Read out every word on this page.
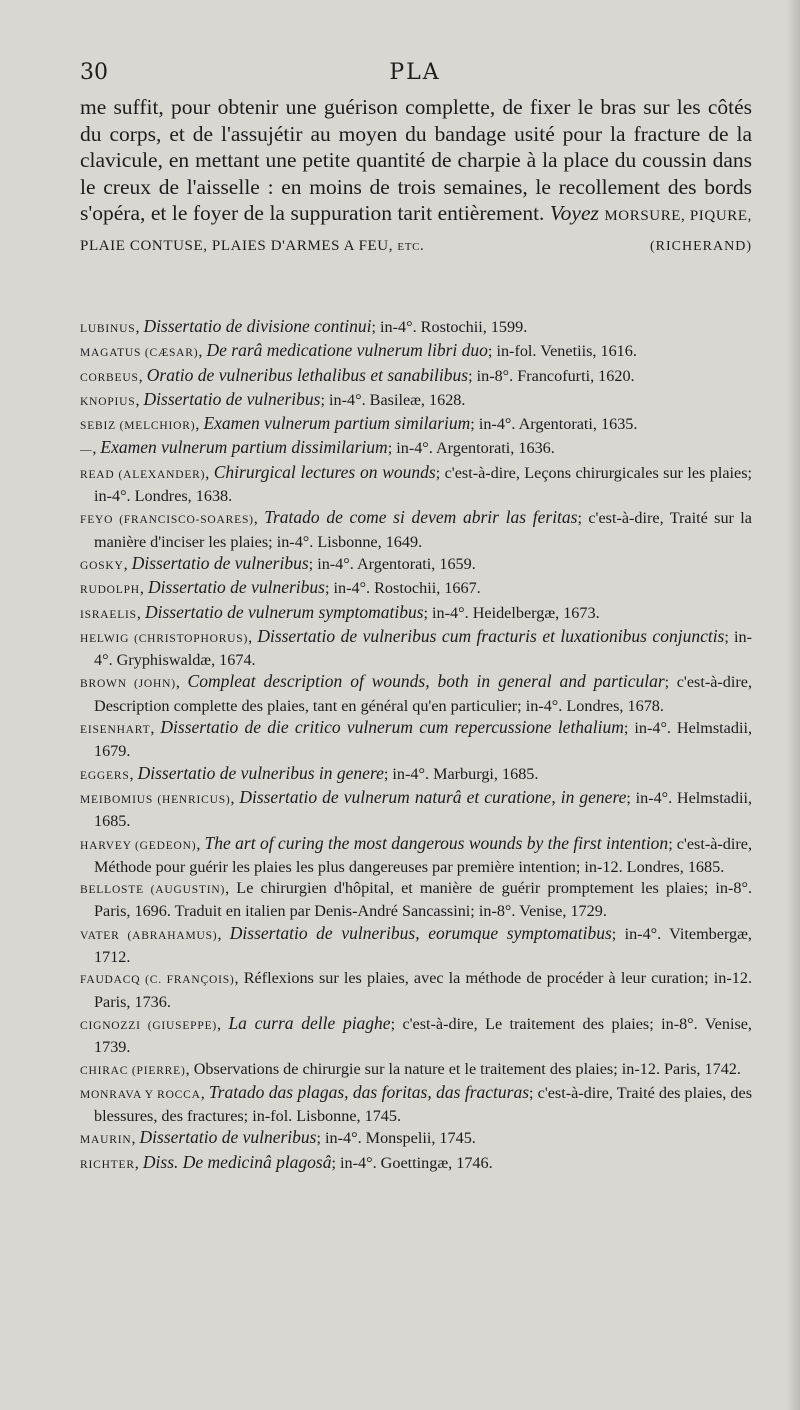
PLA
30
me suffit, pour obtenir une guérison complette, de fixer le bras sur les côtés du corps, et de l'assujétir au moyen du bandage usité pour la fracture de la clavicule, en mettant une petite quantité de charpie à la place du coussin dans le creux de l'aisselle : en moins de trois semaines, le recollement des bords s'opéra, et le foyer de la suppuration tarit entièrement. Voyez MORSURE, PIQURE, PLAIE CONTUSE, PLAIES D'ARMES A FEU, etc.	(RICHERAND)

LUBINUS, Dissertatio de divisione continui; in-4°. Rostochii, 1599.

MAGATUS (CÆSAR), De rarâ medicatione vulnerum libri duo; in-fol. Venetiis, 1616.

CORBEUS, Oratio de vulneribus lethalibus et sanabilibus; in-8°. Francofurti, 1620.

KNOPIUS, Dissertatio de vulneribus; in-4°. Basileæ, 1628.

SEBIZ (MELCHIOR), Examen vulnerum partium similarium; in-4°. Argentorati, 1635.

—, Examen vulnerum partium dissimilarium; in-4°. Argentorati, 1636.

READ (ALEXANDER), Chirurgical lectures on wounds; c'est-à-dire, Leçons chirurgicales sur les plaies; in-4°. Londres, 1638.

FEYO (FRANCISCO-SOARES), Tratado de come si devem abrir las feritas; c'est-à-dire, Traité sur la manière d'inciser les plaies; in-4°. Lisbonne, 1649.

GOSKY, Dissertatio de vulneribus; in-4°. Argentorati, 1659.

RUDOLPH, Dissertatio de vulneribus; in-4°. Rostochii, 1667.

ISRAELIS, Dissertatio de vulnerum symptomatibus; in-4°. Heidelbergæ, 1673.

HELWIG (CHRISTOPHORUS), Dissertatio de vulneribus cum fracturis et luxationibus conjunctis; in-4°. Gryphiswaldæ, 1674.

BROWN (JOHN), Compleat description of wounds, both in general and particular; c'est-à-dire, Description complette des plaies, tant en général qu'en particulier; in-4°. Londres, 1678.

EISENHART, Dissertatio de die critico vulnerum cum repercussione lethalium; in-4°. Helmstadii, 1679.

EGGERS, Dissertatio de vulneribus in genere; in-4°. Marburgi, 1685.

MEIBOMIUS (HENRICUS), Dissertatio de vulnerum naturâ et curatione, in genere; in-4°. Helmstadii, 1685.

HARVEY (GEDEON), The art of curing the most dangerous wounds by the first intention; c'est-à-dire, Méthode pour guérir les plaies les plus dangereuses par première intention; in-12. Londres, 1685.

BELLOSTE (AUGUSTIN), Le chirurgien d'hôpital, et manière de guérir promptement les plaies; in-8°. Paris, 1696. Traduit en italien par Denis-André Sancassini; in-8°. Venise, 1729.

VATER (ABRAHAMUS), Dissertatio de vulneribus, eorumque symptomatibus; in-4°. Vitembergæ, 1712.

FAUDACQ (C. FRANÇOIS), Réflexions sur les plaies, avec la méthode de procéder à leur curation; in-12. Paris, 1736.

CIGNOZZI (GIUSEPPE), La curra delle piaghe; c'est-à-dire, Le traitement des plaies; in-8°. Venise, 1739.

CHIRAC (PIERRE), Observations de chirurgie sur la nature et le traitement des plaies; in-12. Paris, 1742.

MONRAVA Y ROCCA, Tratado das plagas, das foritas, das fracturas; c'est-à-dire, Traité des plaies, des blessures, des fractures; in-fol. Lisbonne, 1745.

MAURIN, Dissertatio de vulneribus; in-4°. Monspelii, 1745.

RICHTER, Diss. De medicinâ plagosâ; in-4°. Goettingæ, 1746.
